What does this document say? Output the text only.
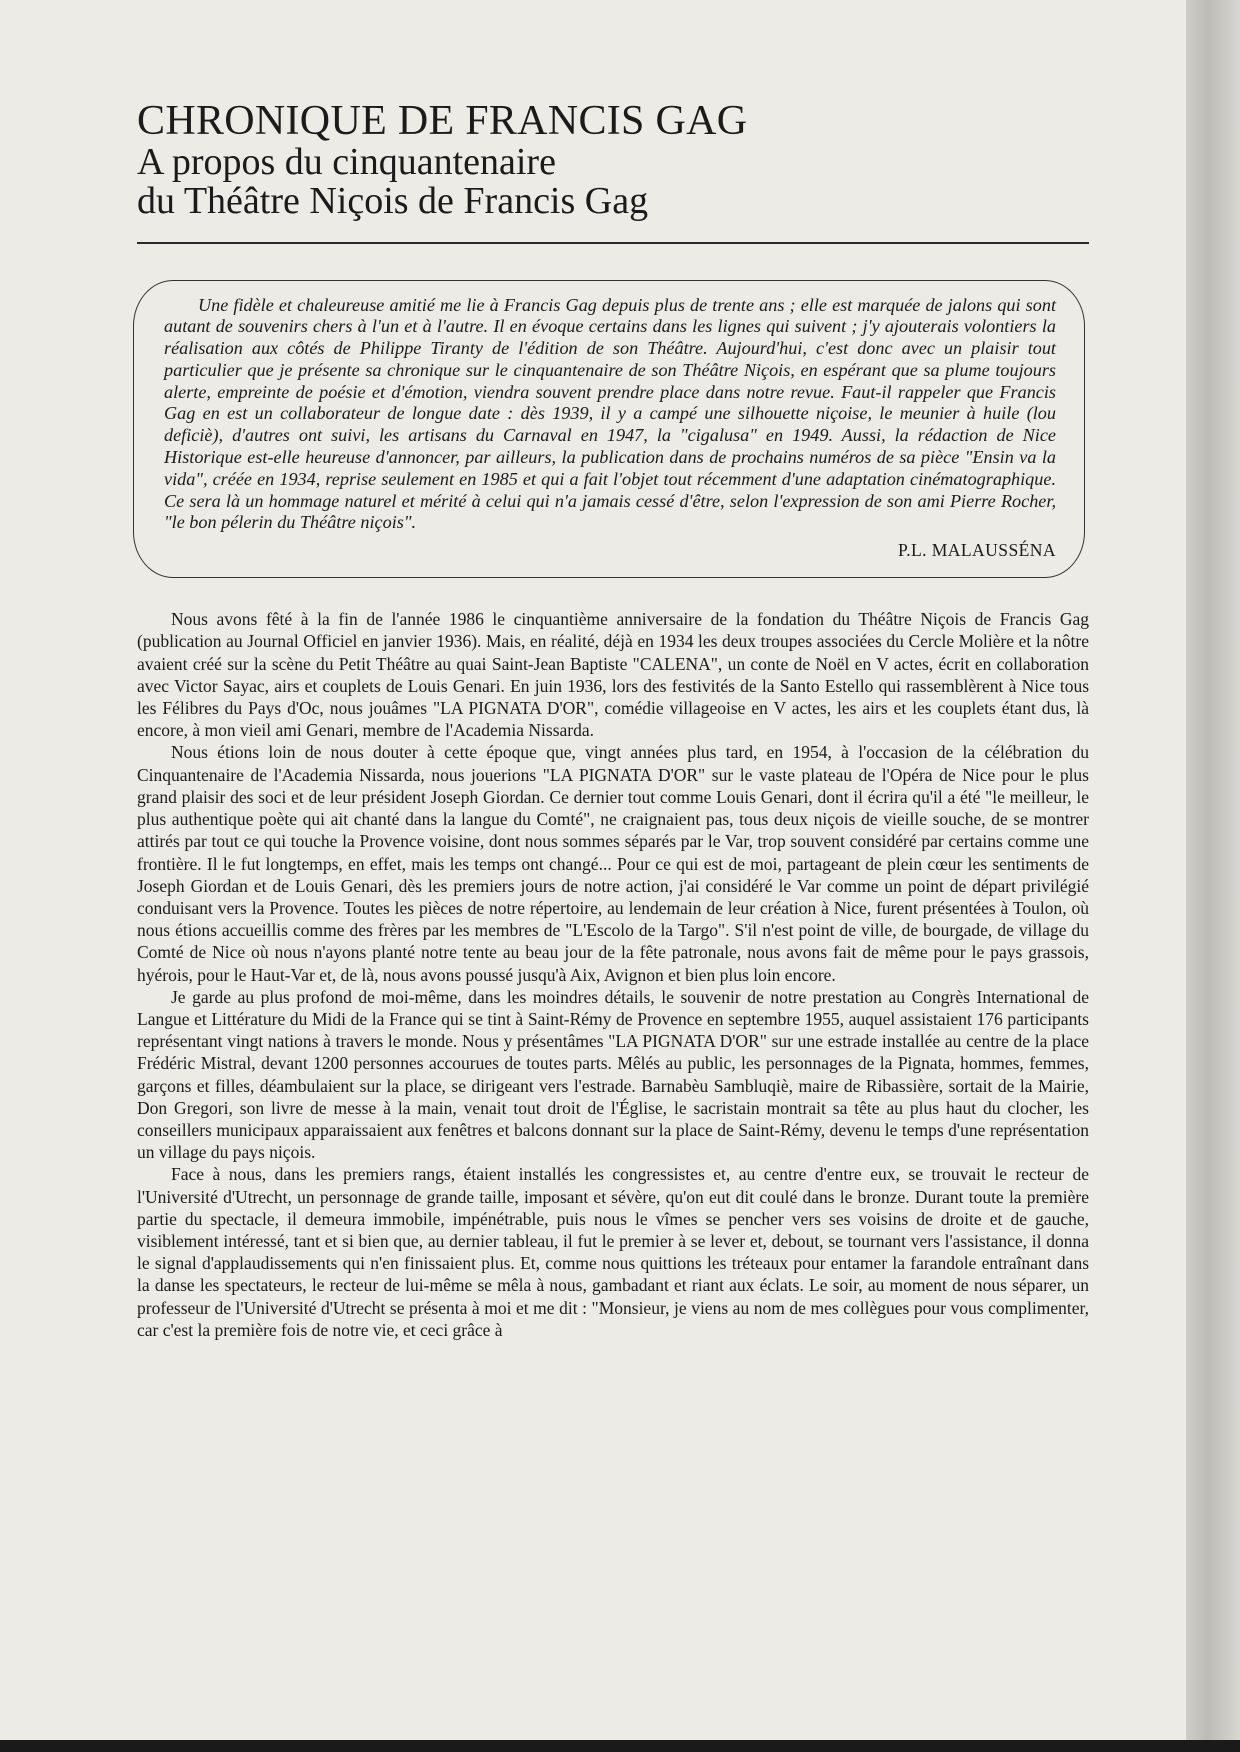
CHRONIQUE DE FRANCIS GAG
A propos du cinquantenaire
du Théâtre Niçois de Francis Gag

Une fidèle et chaleureuse amitié me lie à Francis Gag depuis plus de trente ans ; elle est marquée de jalons qui sont autant de souvenirs chers à l'un et à l'autre. Il en évoque certains dans les lignes qui suivent ; j'y ajouterais volontiers la réalisation aux côtés de Philippe Tiranty de l'édition de son Théâtre. Aujourd'hui, c'est donc avec un plaisir tout particulier que je présente sa chronique sur le cinquantenaire de son Théâtre Niçois, en espérant que sa plume toujours alerte, empreinte de poésie et d'émotion, viendra souvent prendre place dans notre revue. Faut-il rappeler que Francis Gag en est un collaborateur de longue date : dès 1939, il y a campé une silhouette niçoise, le meunier à huile (lou deficiè), d'autres ont suivi, les artisans du Carnaval en 1947, la "cigalusa" en 1949. Aussi, la rédaction de Nice Historique est-elle heureuse d'annoncer, par ailleurs, la publication dans de prochains numéros de sa pièce "Ensin va la vida", créée en 1934, reprise seulement en 1985 et qui a fait l'objet tout récemment d'une adaptation cinématographique. Ce sera là un hommage naturel et mérité à celui qui n'a jamais cessé d'être, selon l'expression de son ami Pierre Rocher, "le bon pélerin du Théâtre niçois".

P.L. MALAUSSÉNA

Nous avons fêté à la fin de l'année 1986 le cinquantième anniversaire de la fondation du Théâtre Niçois de Francis Gag (publication au Journal Officiel en janvier 1936). Mais, en réalité, déjà en 1934 les deux troupes associées du Cercle Molière et la nôtre avaient créé sur la scène du Petit Théâtre au quai Saint-Jean Baptiste "CALENA", un conte de Noël en V actes, écrit en collaboration avec Victor Sayac, airs et couplets de Louis Genari. En juin 1936, lors des festivités de la Santo Estello qui rassemblèrent à Nice tous les Félibres du Pays d'Oc, nous jouâmes "LA PIGNATA D'OR", comédie villageoise en V actes, les airs et les couplets étant dus, là encore, à mon vieil ami Genari, membre de l'Academia Nissarda.

Nous étions loin de nous douter à cette époque que, vingt années plus tard, en 1954, à l'occasion de la célébration du Cinquantenaire de l'Academia Nissarda, nous jouerions "LA PIGNATA D'OR" sur le vaste plateau de l'Opéra de Nice pour le plus grand plaisir des soci et de leur président Joseph Giordan. Ce dernier tout comme Louis Genari, dont il écrira qu'il a été "le meilleur, le plus authentique poète qui ait chanté dans la langue du Comté", ne craignaient pas, tous deux niçois de vieille souche, de se montrer attirés par tout ce qui touche la Provence voisine, dont nous sommes séparés par le Var, trop souvent considéré par certains comme une frontière. Il le fut longtemps, en effet, mais les temps ont changé... Pour ce qui est de moi, partageant de plein cœur les sentiments de Joseph Giordan et de Louis Genari, dès les premiers jours de notre action, j'ai considéré le Var comme un point de départ privilégié conduisant vers la Provence. Toutes les pièces de notre répertoire, au lendemain de leur création à Nice, furent présentées à Toulon, où nous étions accueillis comme des frères par les membres de "L'Escolo de la Targo". S'il n'est point de ville, de bourgade, de village du Comté de Nice où nous n'ayons planté notre tente au beau jour de la fête patronale, nous avons fait de même pour le pays grassois, hyérois, pour le Haut-Var et, de là, nous avons poussé jusqu'à Aix, Avignon et bien plus loin encore.

Je garde au plus profond de moi-même, dans les moindres détails, le souvenir de notre prestation au Congrès International de Langue et Littérature du Midi de la France qui se tint à Saint-Rémy de Provence en septembre 1955, auquel assistaient 176 participants représentant vingt nations à travers le monde. Nous y présentâmes "LA PIGNATA D'OR" sur une estrade installée au centre de la place Frédéric Mistral, devant 1200 personnes accourues de toutes parts. Mêlés au public, les personnages de la Pignata, hommes, femmes, garçons et filles, déambulaient sur la place, se dirigeant vers l'estrade. Barnabèu Sambluqiè, maire de Ribassière, sortait de la Mairie, Don Gregori, son livre de messe à la main, venait tout droit de l'Église, le sacristain montrait sa tête au plus haut du clocher, les conseillers municipaux apparaissaient aux fenêtres et balcons donnant sur la place de Saint-Rémy, devenu le temps d'une représentation un village du pays niçois.

Face à nous, dans les premiers rangs, étaient installés les congressistes et, au centre d'entre eux, se trouvait le recteur de l'Université d'Utrecht, un personnage de grande taille, imposant et sévère, qu'on eut dit coulé dans le bronze. Durant toute la première partie du spectacle, il demeura immobile, impénétrable, puis nous le vîmes se pencher vers ses voisins de droite et de gauche, visiblement intéressé, tant et si bien que, au dernier tableau, il fut le premier à se lever et, debout, se tournant vers l'assistance, il donna le signal d'applaudissements qui n'en finissaient plus. Et, comme nous quittions les tréteaux pour entamer la farandole entraînant dans la danse les spectateurs, le recteur de lui-même se mêla à nous, gambadant et riant aux éclats. Le soir, au moment de nous séparer, un professeur de l'Université d'Utrecht se présenta à moi et me dit : "Monsieur, je viens au nom de mes collègues pour vous complimenter, car c'est la première fois de notre vie, et ceci grâce à
